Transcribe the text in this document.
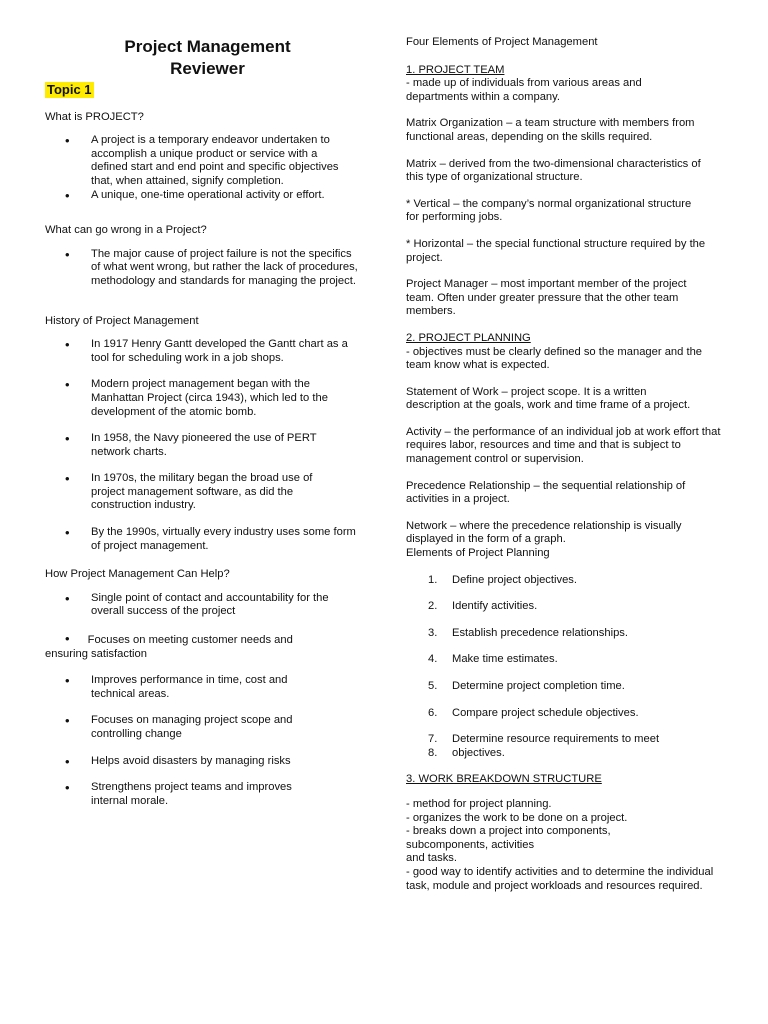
Project Management

Reviewer

Topic 1

What is PROJECT?

• A project is a temporary endeavor undertaken to accomplish a unique product or service with a defined start and end point and specific objectives that, when attained, signify completion.
• A unique, one-time operational activity or effort.

What can go wrong in a Project?

• The major cause of project failure is not the specifics of what went wrong, but rather the lack of procedures, methodology and standards for managing the project.

History of Project Management

• In 1917 Henry Gantt developed the Gantt chart as a tool for scheduling work in a job shops.
• Modern project management began with the Manhattan Project (circa 1943), which led to the development of the atomic bomb.
• In 1958, the Navy pioneered the use of PERT network charts.
• In 1970s, the military began the broad use of project management software, as did the construction industry.
• By the 1990s, virtually every industry uses some form of project management.

How Project Management Can Help?

• Single point of contact and accountability for the overall success of the project

•     Focuses on meeting customer needs and ensuring satisfaction

• Improves performance in time, cost and technical areas.
• Focuses on managing project scope and controlling change
• Helps avoid disasters by managing risks
• Strengthens project teams and improves internal morale.

Four Elements of Project Management

1. PROJECT TEAM

- made up of individuals from various areas and departments within a company.

Matrix Organization – a team structure with members from functional areas, depending on the skills required.

Matrix – derived from the two-dimensional characteristics of this type of organizational structure.

* Vertical – the company’s normal organizational structure for performing jobs.

* Horizontal – the special functional structure required by the project.

Project Manager – most important member of the project team. Often under greater pressure that the other team members.

2. PROJECT PLANNING

- objectives must be clearly defined so the manager and the team know what is expected.

Statement of Work – project scope. It is a written description at the goals, work and time frame of a project.

Activity – the performance of an individual job at work effort that requires labor, resources and time and that is subject to management control or supervision.

Precedence Relationship – the sequential relationship of activities in a project.

Network – where the precedence relationship is visually displayed in the form of a graph.

Elements of Project Planning

1. Define project objectives.
2. Identify activities.
3. Establish precedence relationships.
4. Make time estimates.
5. Determine project completion time.
6. Compare project schedule objectives.
7. Determine resource requirements to meet
8. objectives.

3. WORK BREAKDOWN STRUCTURE

- method for project planning.

- organizes the work to be done on a project.

- breaks down a project into components, subcomponents, activities

and tasks.

- good way to identify activities and to determine the individual task, module and project workloads and resources required.
